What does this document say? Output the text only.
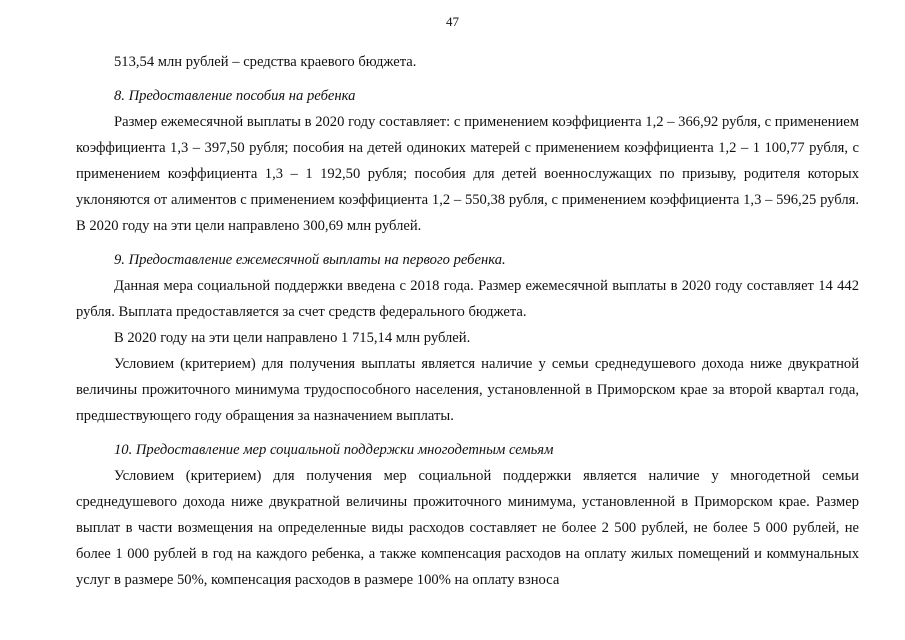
47

513,54 млн рублей – средства краевого бюджета.

8. Предоставление пособия на ребенка

Размер ежемесячной выплаты в 2020 году составляет: с применением коэффициента 1,2 – 366,92 рубля, с применением коэффициента 1,3 – 397,50 рубля; пособия на детей одиноких матерей с применением коэффициента 1,2 – 1 100,77 рубля, с применением коэффициента 1,3 – 1 192,50 рубля; пособия для детей военнослужащих по призыву, родителя которых уклоняются от алиментов с применением коэффициента 1,2 – 550,38 рубля, с применением коэффициента 1,3 – 596,25 рубля. В 2020 году на эти цели направлено 300,69 млн рублей.

9. Предоставление ежемесячной выплаты на первого ребенка.

Данная мера социальной поддержки введена с 2018 года. Размер ежемесячной выплаты в 2020 году составляет 14 442 рубля. Выплата предоставляется за счет средств федерального бюджета.

В 2020 году на эти цели направлено 1 715,14 млн рублей.

Условием (критерием) для получения выплаты является наличие у семьи среднедушевого дохода ниже двукратной величины прожиточного минимума трудоспособного населения, установленной в Приморском крае за второй квартал года, предшествующего году обращения за назначением выплаты.

10. Предоставление мер социальной поддержки многодетным семьям

Условием (критерием) для получения мер социальной поддержки является наличие у многодетной семьи среднедушевого дохода ниже двукратной величины прожиточного минимума, установленной в Приморском крае. Размер выплат в части возмещения на определенные виды расходов составляет не более 2 500 рублей, не более 5 000 рублей, не более 1 000 рублей в год на каждого ребенка, а также компенсация расходов на оплату жилых помещений и коммунальных услуг в размере 50%, компенсация расходов в размере 100% на оплату взноса
